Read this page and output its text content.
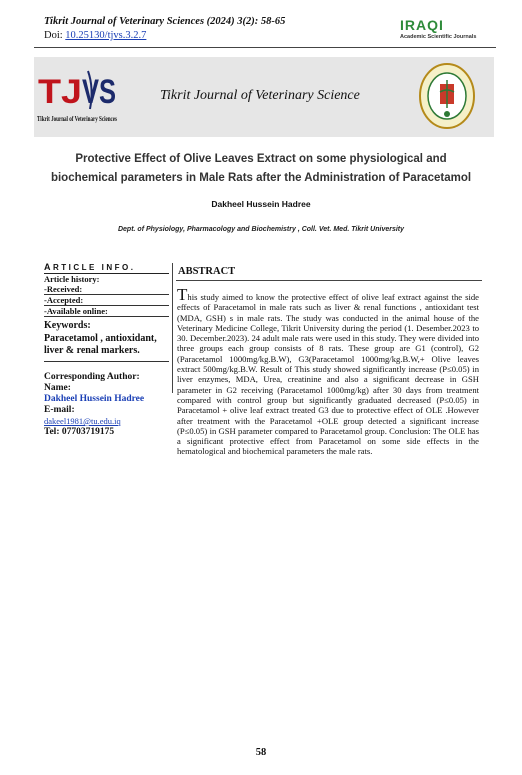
Tikrit Journal of Veterinary Sciences (2024) 3(2): 58-65
Doi: 10.25130/tjvs.3.2.7
IRAQI
Academic Scientific Journals
TJ VS
Tikrit Journal of Veterinary Sciences
Tikrit Journal of Veterinary Science
Protective Effect of Olive Leaves Extract on some physiological and
biochemical parameters in Male Rats after the Administration of Paracetamol
Dakheel Hussein Hadree
Dept. of Physiology, Pharmacology and Biochemistry , Coll. Vet. Med. Tikrit University
ARTICLE INFO.
Article history:
-Received:
-Accepted:
-Available online:
Keywords:
Paracetamol , antioxidant, liver & renal markers.
Corresponding Author:
Name:
Dakheel Hussein Hadree
E-mail:
dakeel1981@tu.edu.iq
Tel: 07703719175
ABSTRACT
This study aimed to know the protective effect of olive leaf extract against the side effects of Paracetamol in male rats such as liver & renal functions , antioxidant test (MDA, GSH) s in male rats. The study was conducted in the animal house of the Veterinary Medicine College, Tikrit University during the period (1. Desember.2023 to 30. December.2023). 24 adult male rats were used in this study. They were divided into three groups each group consists of 8 rats. These group are G1 (control), G2 (Paracetamol 1000mg/kg.B.W), G3(Paracetamol 1000mg/kg.B.W,+ Olive leaves extract 500mg/kg.B.W. Result of This study showed significantly increase (P≤0.05) in liver enzymes, MDA, Urea, creatinine and also a significant decrease in GSH parameter in G2 receiving (Paracetamol 1000mg/kg) after 30 days from treatment compared with control group but significantly graduated decreased (P≤0.05) in Paracetamol + olive leaf extract treated G3 due to protective effect of OLE .However after treatment with the Paracetamol +OLE group detected a significant increase (P≤0.05) in GSH parameter compared to Paracetamol group. Conclusion: The OLE has a significant protective effect from Paracetamol on some side effects in the hematological and biochemical parameters the male rats.
58
